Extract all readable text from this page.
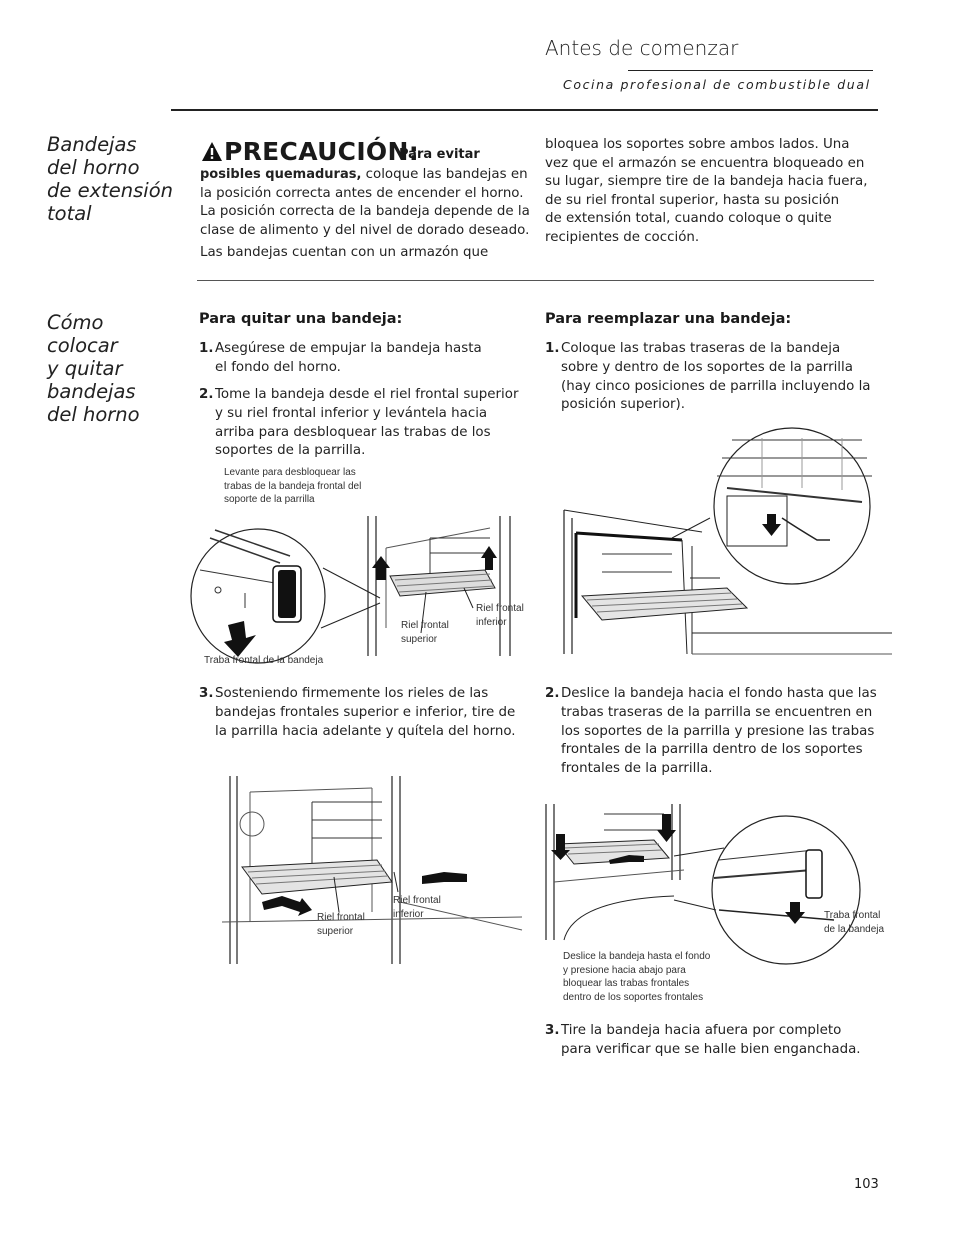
Antes de comenzar
Cocina profesional de combustible dual
Bandejas
del horno
de extensión
total
Cómo
colocar
y quitar
bandejas
del horno
PRECAUCIÓN:
Para evitar
posibles quemaduras, coloque las bandejas en
la posición correcta antes de encender el horno.
La posición correcta de la bandeja depende de la
clase de alimento y del nivel de dorado deseado.
Las bandejas cuentan con un armazón que
bloquea los soportes sobre ambos lados. Una
vez que el armazón se encuentra bloqueado en
su lugar, siempre tire de la bandeja hacia fuera,
de su riel frontal superior, hasta su posición
de extensión total, cuando coloque o quite
recipientes de cocción.
Para quitar una bandeja:
1. Asegúrese de empujar la bandeja hasta el fondo del horno.
2. Tome la bandeja desde el riel frontal superior y su riel frontal inferior y levántela hacia arriba para desbloquear las trabas de los soportes de la parrilla.
Levante para desbloquear las
trabas de la bandeja frontal del
soporte de la parrilla
Traba frontal de la bandeja
Riel frontal
superior
Riel frontal
inferior
3. Sosteniendo firmemente los rieles de las bandejas frontales superior e inferior, tire de la parrilla hacia adelante y quítela del horno.
Riel frontal
superior
Riel frontal
inferior
Para reemplazar una bandeja:
1. Coloque las trabas traseras de la bandeja sobre y dentro de los soportes de la parrilla (hay cinco posiciones de parrilla incluyendo la posición superior).
2. Deslice la bandeja hacia el fondo hasta que las trabas traseras de la parrilla se encuentren en los soportes de la parrilla y presione las trabas frontales de la parrilla dentro de los soportes frontales de la parrilla.
Deslice la bandeja hasta el fondo
y presione hacia abajo para
bloquear las trabas frontales
dentro de los soportes frontales
Traba frontal
de la bandeja
3. Tire la bandeja hacia afuera por completo para verificar que se halle bien enganchada.
103
